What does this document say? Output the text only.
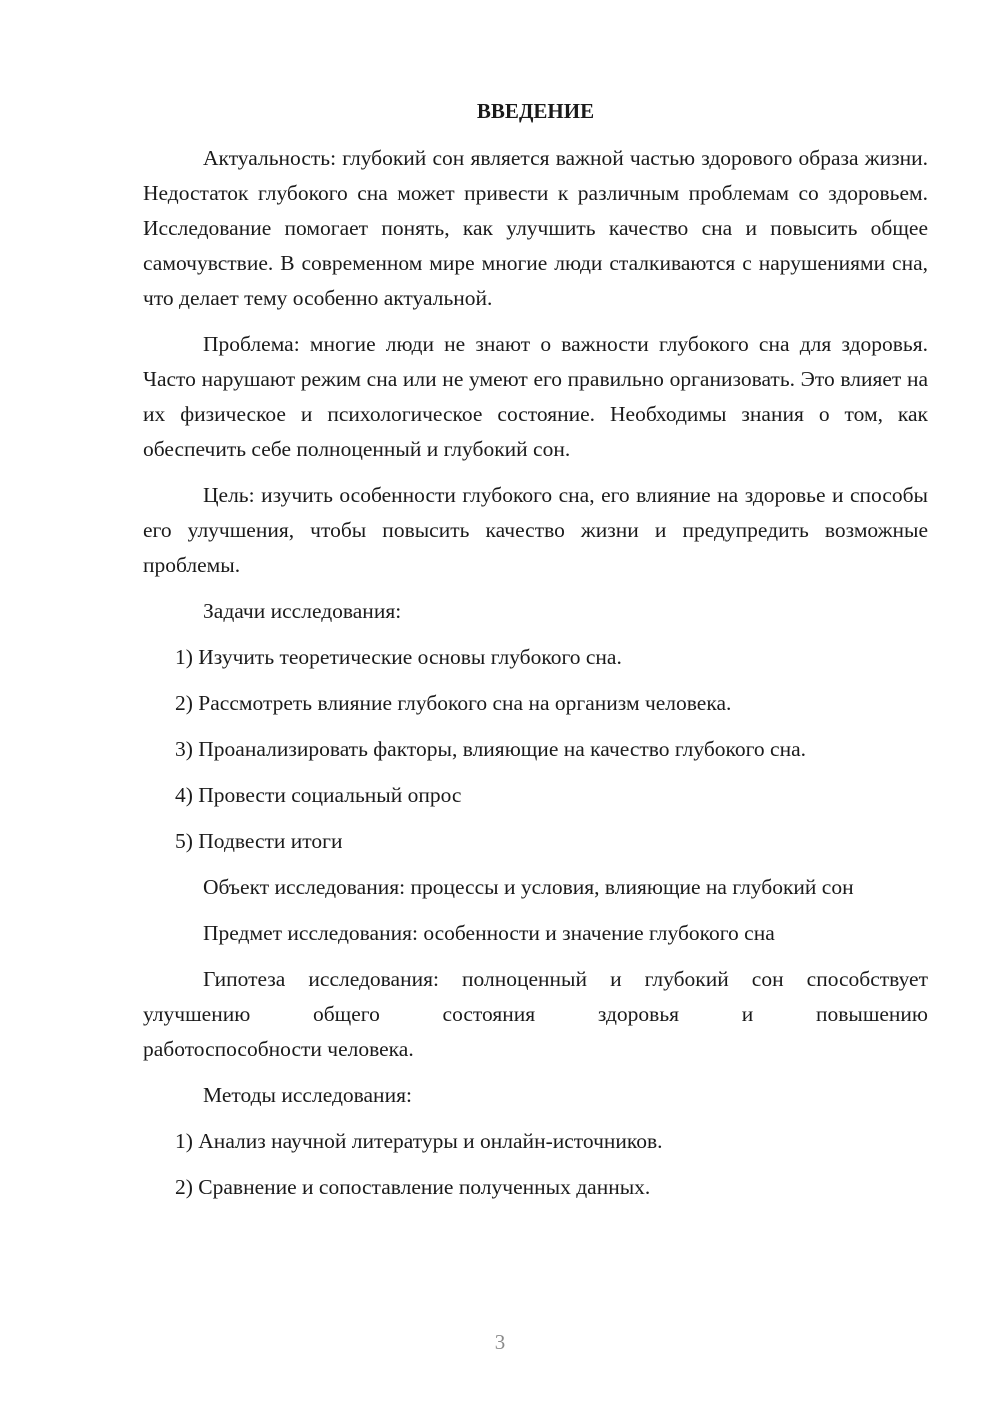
ВВЕДЕНИЕ

Актуальность: глубокий сон является важной частью здорового образа жизни. Недостаток глубокого сна может привести к различным проблемам со здоровьем. Исследование помогает понять, как улучшить качество сна и повысить общее самочувствие. В современном мире многие люди сталкиваются с нарушениями сна, что делает тему особенно актуальной.

Проблема: многие люди не знают о важности глубокого сна для здоровья. Часто нарушают режим сна или не умеют его правильно организовать. Это влияет на их физическое и психологическое состояние. Необходимы знания о том, как обеспечить себе полноценный и глубокий сон.

Цель: изучить особенности глубокого сна, его влияние на здоровье и способы его улучшения, чтобы повысить качество жизни и предупредить возможные проблемы.

Задачи исследования:

1) Изучить теоретические основы глубокого сна.

2) Рассмотреть влияние глубокого сна на организм человека.

3) Проанализировать факторы, влияющие на качество глубокого сна.

4) Провести социальный опрос

5) Подвести итоги

Объект исследования: процессы и условия, влияющие на глубокий сон

Предмет исследования: особенности и значение глубокого сна

Гипотеза исследования: полноценный и глубокий сон способствует улучшению общего состояния здоровья и повышению
работоспособности человека.

Методы исследования:

1) Анализ научной литературы и онлайн-источников.

2) Сравнение и сопоставление полученных данных.

3
